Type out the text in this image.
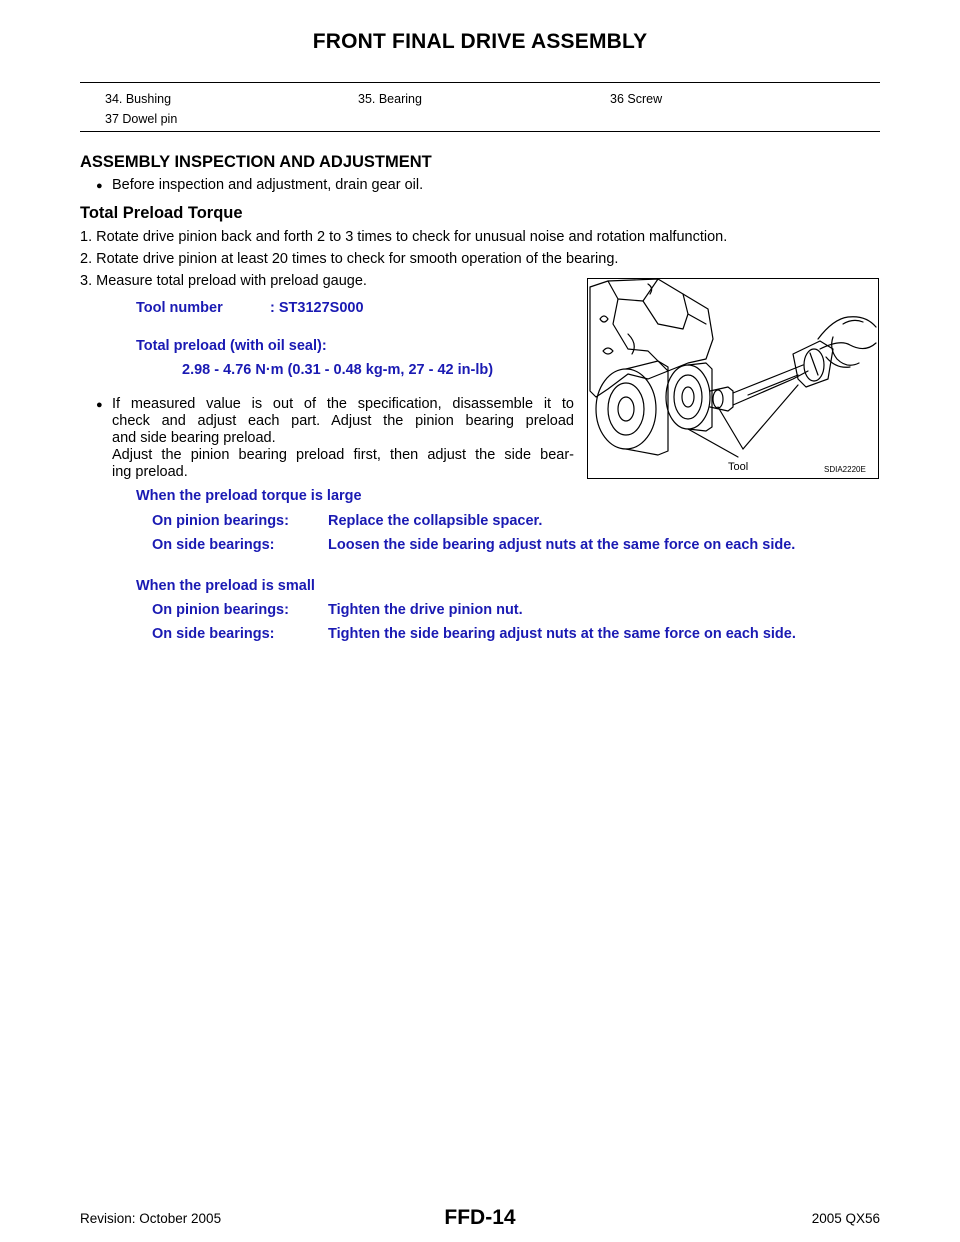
FRONT FINAL DRIVE ASSEMBLY
34. Bushing	35. Bearing	36 Screw
37 Dowel pin
ASSEMBLY INSPECTION AND ADJUSTMENT
● Before inspection and adjustment, drain gear oil.
Total Preload Torque
1. Rotate drive pinion back and forth 2 to 3 times to check for unusual noise and rotation malfunction.
2. Rotate drive pinion at least 20 times to check for smooth operation of the bearing.
3. Measure total preload with preload gauge.
Tool number	: ST3127S000
Total preload (with oil seal):
2.98 - 4.76 N·m (0.31 - 0.48 kg-m, 27 - 42 in-lb)
● If measured value is out of the specification, disassemble it to
check and adjust each part. Adjust the pinion bearing preload
and side bearing preload.
Adjust the pinion bearing preload first, then adjust the side bear-
ing preload.	Tool	SDIA2220E
When the preload torque is large
On pinion bearings:	Replace the collapsible spacer.
On side bearings:	Loosen the side bearing adjust nuts at the same force on each side.
When the preload is small
On pinion bearings:	Tighten the drive pinion nut.
On side bearings:	Tighten the side bearing adjust nuts at the same force on each side.
FFD-14
Revision: October 2005	2005 QX56
